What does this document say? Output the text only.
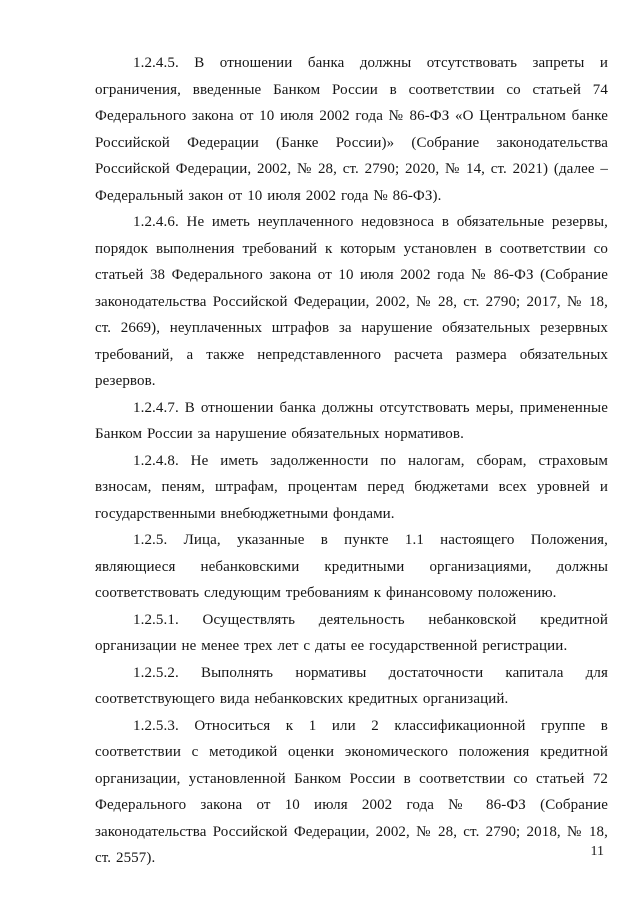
1.2.4.5. В отношении банка должны отсутствовать запреты и ограничения, введенные Банком России в соответствии со статьей 74 Федерального закона от 10 июля 2002 года № 86-ФЗ «О Центральном банке Российской Федерации (Банке России)» (Собрание законодательства Российской Федерации, 2002, № 28, ст. 2790; 2020, № 14, ст. 2021) (далее – Федеральный закон от 10 июля 2002 года № 86-ФЗ).

1.2.4.6. Не иметь неуплаченного недовзноса в обязательные резервы, порядок выполнения требований к которым установлен в соответствии со статьей 38 Федерального закона от 10 июля 2002 года № 86-ФЗ (Собрание законодательства Российской Федерации, 2002, № 28, ст. 2790; 2017, № 18, ст. 2669), неуплаченных штрафов за нарушение обязательных резервных требований, а также непредставленного расчета размера обязательных резервов.

1.2.4.7. В отношении банка должны отсутствовать меры, примененные Банком России за нарушение обязательных нормативов.

1.2.4.8. Не иметь задолженности по налогам, сборам, страховым взносам, пеням, штрафам, процентам перед бюджетами всех уровней и государственными внебюджетными фондами.

1.2.5. Лица, указанные в пункте 1.1 настоящего Положения, являющиеся небанковскими кредитными организациями, должны соответствовать следующим требованиям к финансовому положению.

1.2.5.1. Осуществлять деятельность небанковской кредитной организации не менее трех лет с даты ее государственной регистрации.

1.2.5.2. Выполнять нормативы достаточности капитала для соответствующего вида небанковских кредитных организаций.

1.2.5.3. Относиться к 1 или 2 классификационной группе в соответствии с методикой оценки экономического положения кредитной организации, установленной Банком России в соответствии со статьей 72 Федерального закона от 10 июля 2002 года № 86-ФЗ (Собрание законодательства Российской Федерации, 2002, № 28, ст. 2790; 2018, № 18, ст. 2557).	11
